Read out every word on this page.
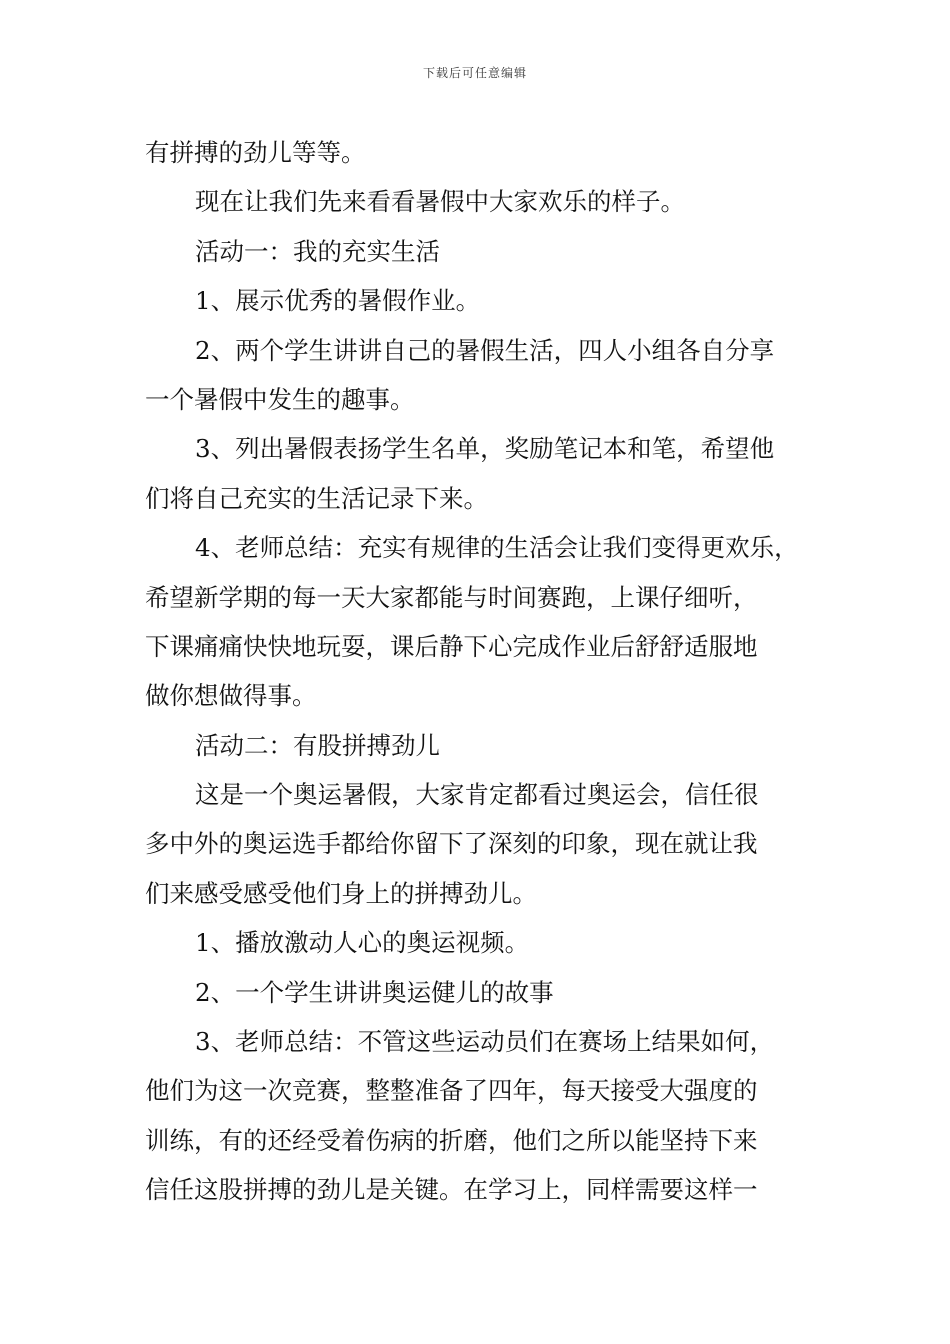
下载后可任意编辑
有拼搏的劲儿等等。
现在让我们先来看看暑假中大家欢乐的样子。
活动一：我的充实生活
1、展示优秀的暑假作业。
2、两个学生讲讲自己的暑假生活，四人小组各自分享
一个暑假中发生的趣事。
3、列出暑假表扬学生名单，奖励笔记本和笔，希望他
们将自己充实的生活记录下来。
4、老师总结：充实有规律的生活会让我们变得更欢乐，
希望新学期的每一天大家都能与时间赛跑，上课仔细听，
下课痛痛快快地玩耍，课后静下心完成作业后舒舒适服地
做你想做得事。
活动二：有股拼搏劲儿
这是一个奥运暑假，大家肯定都看过奥运会，信任很
多中外的奥运选手都给你留下了深刻的印象，现在就让我
们来感受感受他们身上的拼搏劲儿。
1、播放激动人心的奥运视频。
2、一个学生讲讲奥运健儿的故事
3、老师总结：不管这些运动员们在赛场上结果如何，
他们为这一次竞赛，整整准备了四年，每天接受大强度的
训练，有的还经受着伤病的折磨，他们之所以能坚持下来
信任这股拼搏的劲儿是关键。在学习上，同样需要这样一
